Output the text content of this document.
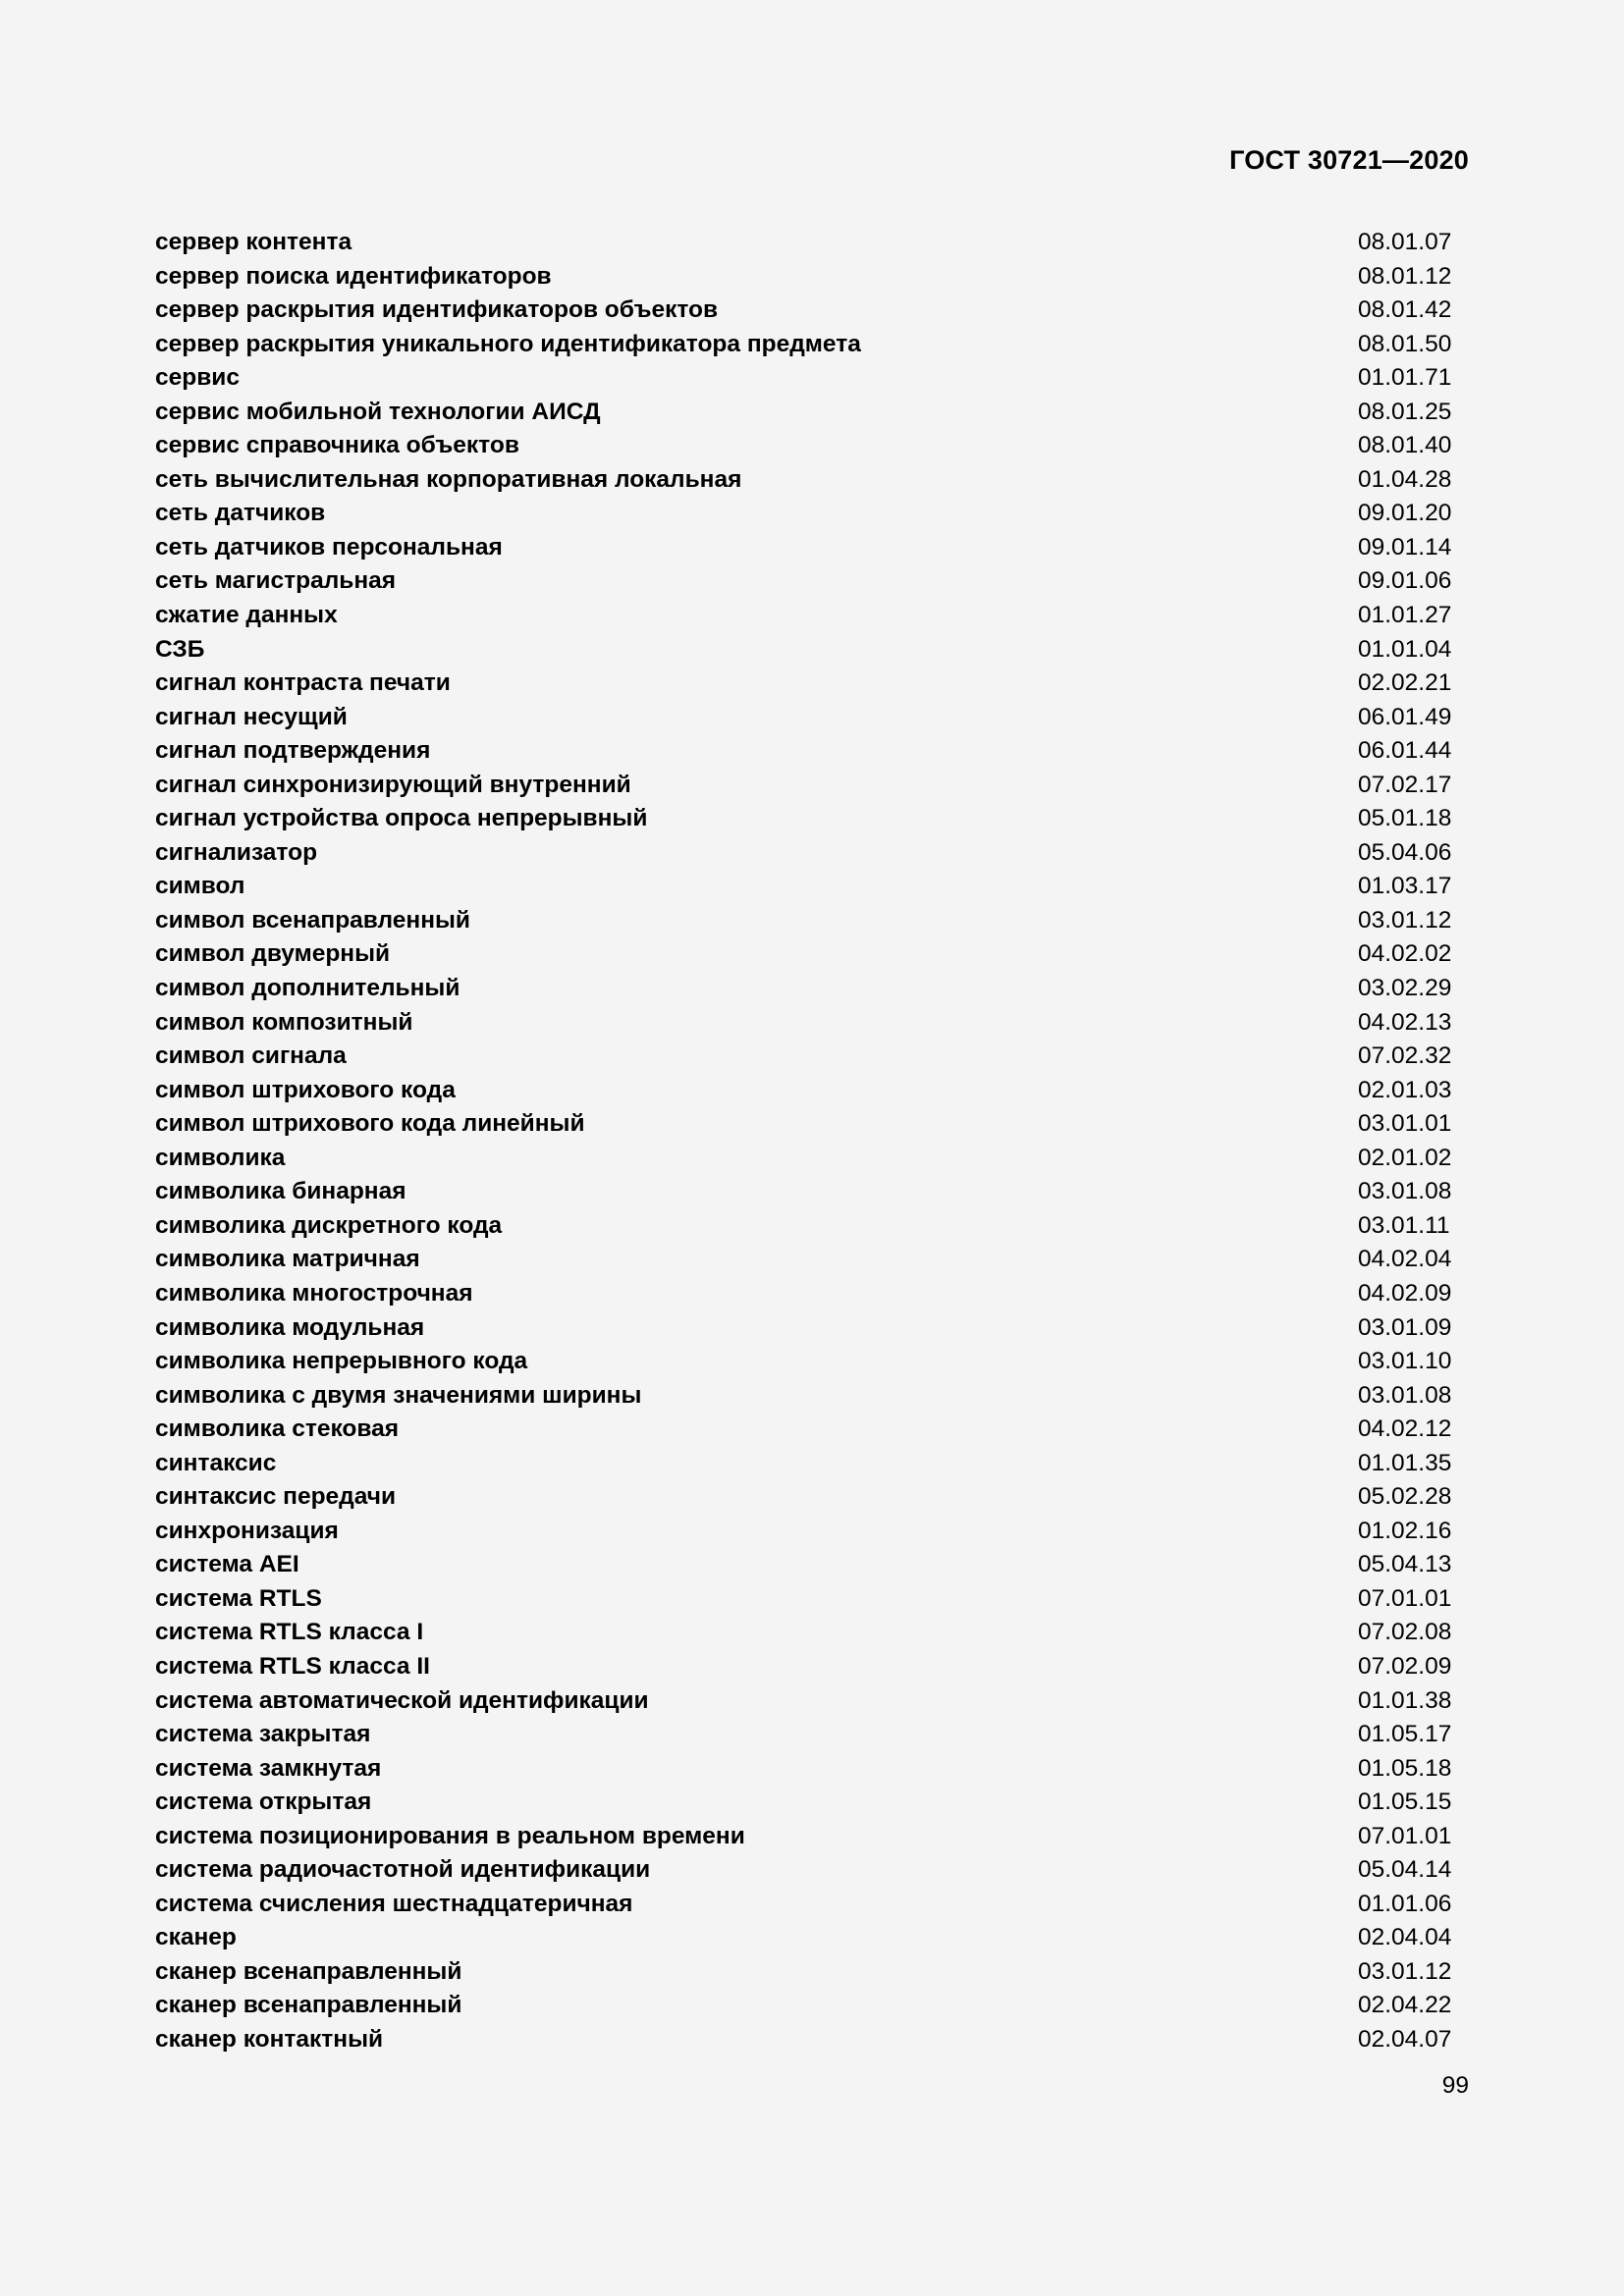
ГОСТ 30721—2020
сервер контента	08.01.07
сервер поиска идентификаторов	08.01.12
сервер раскрытия идентификаторов объектов	08.01.42
сервер раскрытия уникального идентификатора предмета	08.01.50
сервис	01.01.71
сервис мобильной технологии АИСД	08.01.25
сервис справочника объектов	08.01.40
сеть вычислительная корпоративная локальная	01.04.28
сеть датчиков	09.01.20
сеть датчиков персональная	09.01.14
сеть магистральная	09.01.06
сжатие данных	01.01.27
СЗБ	01.01.04
сигнал контраста печати	02.02.21
сигнал несущий	06.01.49
сигнал подтверждения	06.01.44
сигнал синхронизирующий внутренний	07.02.17
сигнал устройства опроса непрерывный	05.01.18
сигнализатор	05.04.06
символ	01.03.17
символ всенаправленный	03.01.12
символ двумерный	04.02.02
символ дополнительный	03.02.29
символ композитный	04.02.13
символ сигнала	07.02.32
символ штрихового кода	02.01.03
символ штрихового кода линейный	03.01.01
символика	02.01.02
символика бинарная	03.01.08
символика дискретного кода	03.01.11
символика матричная	04.02.04
символика многострочная	04.02.09
символика модульная	03.01.09
символика непрерывного кода	03.01.10
символика с двумя значениями ширины	03.01.08
символика стековая	04.02.12
синтаксис	01.01.35
синтаксис передачи	05.02.28
синхронизация	01.02.16
система AEI	05.04.13
система RTLS	07.01.01
система RTLS класса I	07.02.08
система RTLS класса II	07.02.09
система автоматической идентификации	01.01.38
система закрытая	01.05.17
система замкнутая	01.05.18
система открытая	01.05.15
система позиционирования в реальном времени	07.01.01
система радиочастотной идентификации	05.04.14
система счисления шестнадцатеричная	01.01.06
сканер	02.04.04
сканер всенаправленный	03.01.12
сканер всенаправленный	02.04.22
сканер контактный	02.04.07
99
